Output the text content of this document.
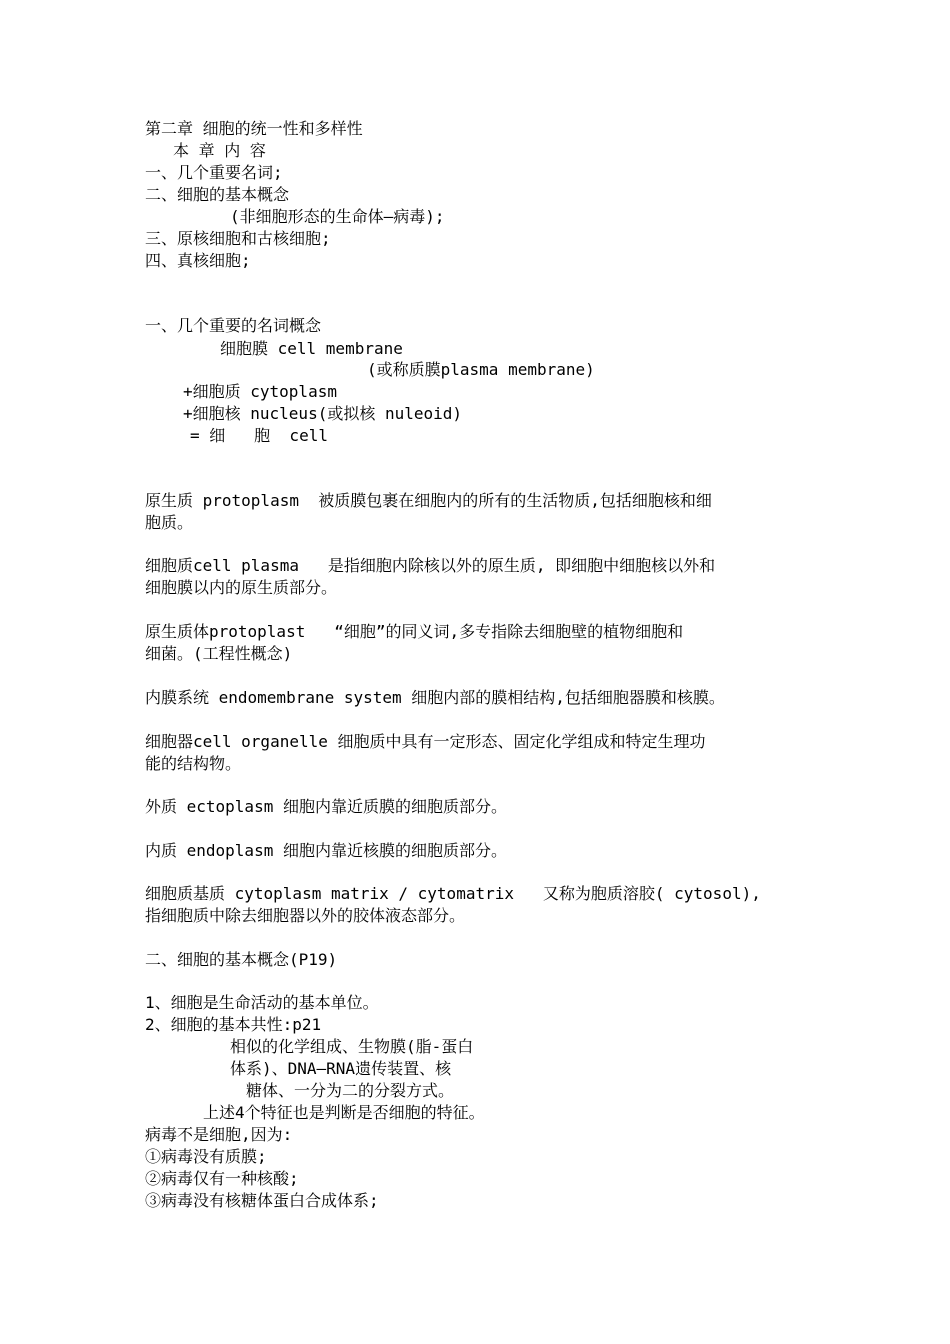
第二章 细胞的统一性和多样性
本 章 内 容
一、几个重要名词;
二、细胞的基本概念
(非细胞形态的生命体—病毒);
三、原核细胞和古核细胞;
四、真核细胞;
一、几个重要的名词概念
细胞膜 cell membrane
(或称质膜plasma membrane)
+细胞质 cytoplasm
+细胞核 nucleus(或拟核 nuleoid)
= 细   胞  cell
原生质 protoplasm  被质膜包裹在细胞内的所有的生活物质,包括细胞核和细
胞质。
细胞质cell plasma   是指细胞内除核以外的原生质, 即细胞中细胞核以外和
细胞膜以内的原生质部分。
原生质体protoplast   “细胞”的同义词,多专指除去细胞壁的植物细胞和
细菌。(工程性概念)
内膜系统 endomembrane system 细胞内部的膜相结构,包括细胞器膜和核膜。
细胞器cell organelle 细胞质中具有一定形态、固定化学组成和特定生理功
能的结构物。
外质 ectoplasm 细胞内靠近质膜的细胞质部分。
内质 endoplasm 细胞内靠近核膜的细胞质部分。
细胞质基质 cytoplasm matrix / cytomatrix   又称为胞质溶胶( cytosol),
指细胞质中除去细胞器以外的胶体液态部分。
二、细胞的基本概念(P19)
1、细胞是生命活动的基本单位。
2、细胞的基本共性:p21
相似的化学组成、生物膜(脂-蛋白
体系)、DNA—RNA遗传装置、核
糖体、一分为二的分裂方式。
上述4个特征也是判断是否细胞的特征。
病毒不是细胞,因为:
①病毒没有质膜;
②病毒仅有一种核酸;
③病毒没有核糖体蛋白合成体系;
